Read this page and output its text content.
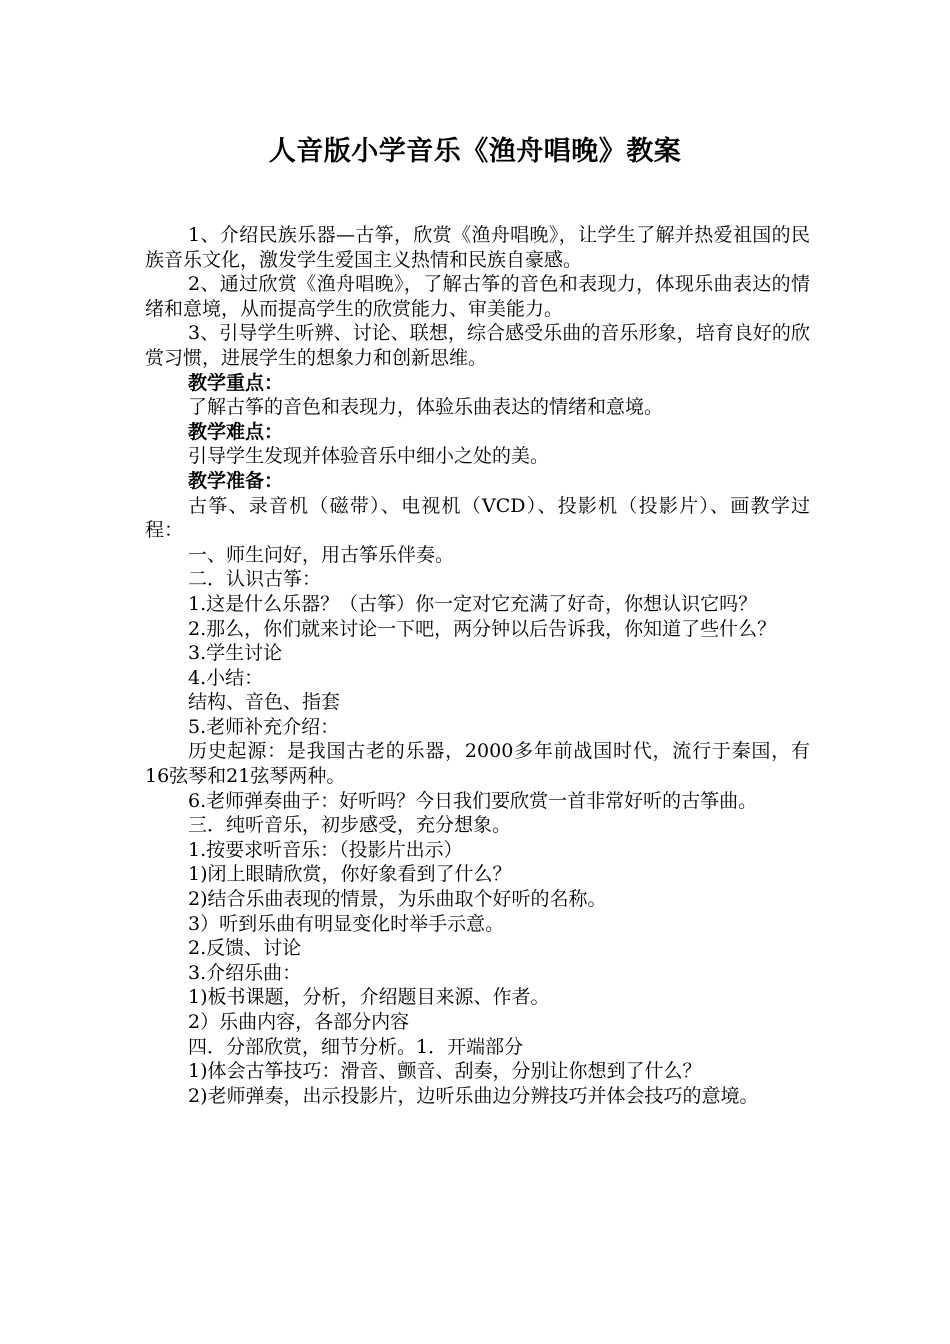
人音版小学音乐《渔舟唱晚》教案

1、介绍民族乐器—古筝，欣赏《渔舟唱晚》，让学生了解并热爱祖国的民族音乐文化，激发学生爱国主义热情和民族自豪感。

2、通过欣赏《渔舟唱晚》，了解古筝的音色和表现力，体现乐曲表达的情绪和意境，从而提高学生的欣赏能力、审美能力。

3、引导学生听辨、讨论、联想，综合感受乐曲的音乐形象，培育良好的欣赏习惯，进展学生的想象力和创新思维。

教学重点：

了解古筝的音色和表现力，体验乐曲表达的情绪和意境。

教学难点：

引导学生发现并体验音乐中细小之处的美。

教学准备：

古筝、录音机（磁带）、电视机（VCD）、投影机（投影片）、画教学过程：

一、师生问好，用古筝乐伴奏。

二．认识古筝：

1.这是什么乐器？（古筝）你一定对它充满了好奇，你想认识它吗？

2.那么，你们就来讨论一下吧，两分钟以后告诉我，你知道了些什么？

3.学生讨论

4.小结：

结构、音色、指套

5.老师补充介绍：

历史起源：是我国古老的乐器，2000多年前战国时代，流行于秦国，有16弦琴和21弦琴两种。

6.老师弹奏曲子：好听吗？今日我们要欣赏一首非常好听的古筝曲。

三．纯听音乐，初步感受，充分想象。

1.按要求听音乐：（投影片出示）

1)闭上眼睛欣赏，你好象看到了什么？

2)结合乐曲表现的情景，为乐曲取个好听的名称。

3）听到乐曲有明显变化时举手示意。

2.反馈、讨论

3.介绍乐曲：

1)板书课题，分析，介绍题目来源、作者。

2）乐曲内容，各部分内容

四．分部欣赏，细节分析。1．开端部分

1)体会古筝技巧：滑音、颤音、刮奏，分别让你想到了什么？

2)老师弹奏，出示投影片，边听乐曲边分辨技巧并体会技巧的意境。
